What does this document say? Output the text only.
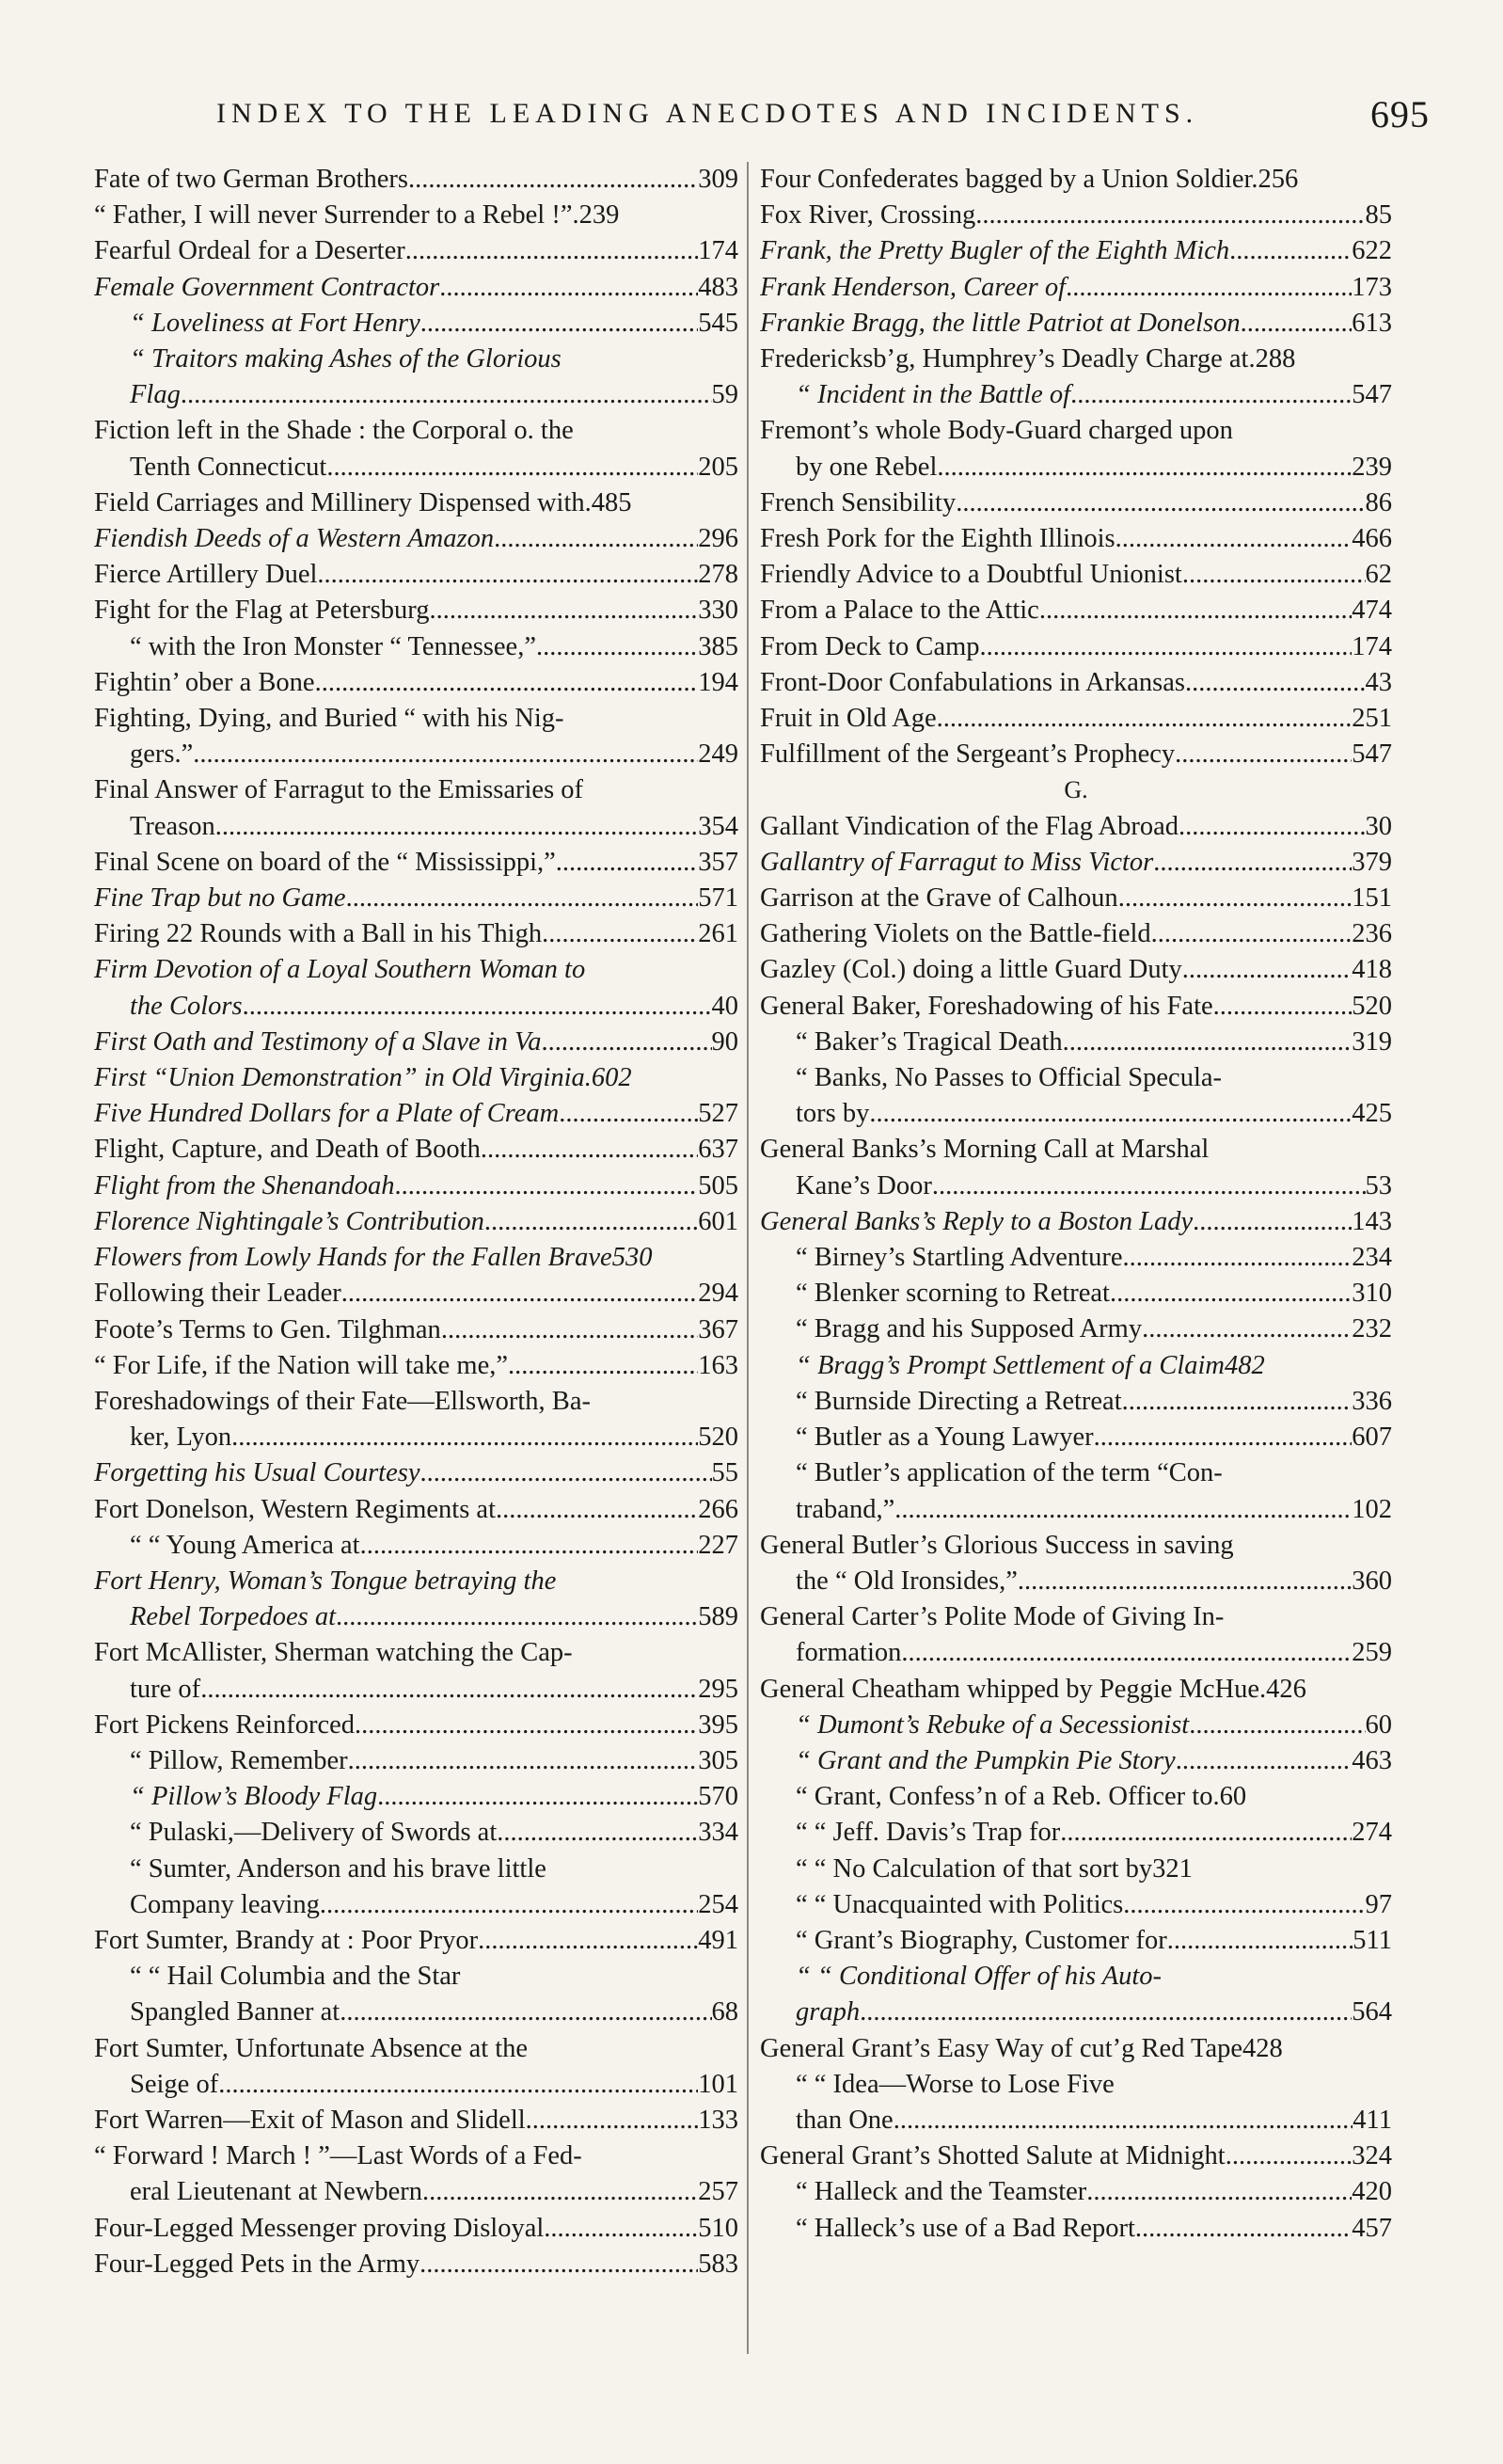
INDEX TO THE LEADING ANECDOTES AND INCIDENTS.	695
Fate of two German Brothers .....	309
“ Father, I will never Surrender to a Rebel !”.239
Fearful Ordeal for a Deserter .....	174
Female Government Contractor .....	483
“ Loveliness at Fort Henry .....	545
“ Traitors making Ashes of the Glorious
Flag .....	59
Fiction left in the Shade : the Corporal o. the
Tenth Connecticut .....	205
Field Carriages and Millinery Dispensed with.485
Fiendish Deeds of a Western Amazon .....	296
Fierce Artillery Duel .....	278
Fight for the Flag at Petersburg .....	330
“ with the Iron Monster “ Tennessee,” .....	385
Fightin’ ober a Bone .....	194
Fighting, Dying, and Buried “ with his Nig-
gers.” .....	249
Final Answer of Farragut to the Emissaries of
Treason .....	354
Final Scene on board of the “ Mississippi,” .....	357
Fine Trap but no Game .....	571
Firing 22 Rounds with a Ball in his Thigh .....	261
Firm Devotion of a Loyal Southern Woman to
the Colors .....	40
First Oath and Testimony of a Slave in Va .....	90
First “Union Demonstration” in Old Virginia.602
Five Hundred Dollars for a Plate of Cream .....	527
Flight, Capture, and Death of Booth .....	637
Flight from the Shenandoah .....	505
Florence Nightingale’s Contribution .....	601
Flowers from Lowly Hands for the Fallen Brave530
Following their Leader .....	294
Foote’s Terms to Gen. Tilghman .....	367
“ For Life, if the Nation will take me,” .....	163
Foreshadowings of their Fate—Ellsworth, Ba-
ker, Lyon .....	520
Forgetting his Usual Courtesy .....	55
Fort Donelson, Western Regiments at .....	266
“ “ Young America at .....	227
Fort Henry, Woman’s Tongue betraying the
Rebel Torpedoes at .....	589
Fort McAllister, Sherman watching the Cap-
ture of .....	295
Fort Pickens Reinforced .....	395
“ Pillow, Remember .....	305
“ Pillow’s Bloody Flag .....	570
“ Pulaski,—Delivery of Swords at .....	334
“ Sumter, Anderson and his brave little
Company leaving .....	254
Fort Sumter, Brandy at : Poor Pryor .....	491
“ “ Hail Columbia and the Star
Spangled Banner at .....	68
Fort Sumter, Unfortunate Absence at the
Seige of .....	101
Fort Warren—Exit of Mason and Slidell .....	133
“ Forward ! March ! ”—Last Words of a Fed-
eral Lieutenant at Newbern .....	257
Four-Legged Messenger proving Disloyal .....	510
Four-Legged Pets in the Army .....	583
Four Confederates bagged by a Union Soldier.256
Fox River, Crossing .....	85
Frank, the Pretty Bugler of the Eighth Mich .....	622
Frank Henderson, Career of .....	173
Frankie Bragg, the little Patriot at Donelson .....	613
Fredericksb’g, Humphrey’s Deadly Charge at.288
“ Incident in the Battle of .....	547
Fremont’s whole Body-Guard charged upon
by one Rebel .....	239
French Sensibility .....	86
Fresh Pork for the Eighth Illinois .....	466
Friendly Advice to a Doubtful Unionist .....	62
From a Palace to the Attic .....	474
From Deck to Camp .....	174
Front-Door Confabulations in Arkansas .....	43
Fruit in Old Age .....	251
Fulfillment of the Sergeant’s Prophecy .....	547
G.
Gallant Vindication of the Flag Abroad .....	30
Gallantry of Farragut to Miss Victor .....	379
Garrison at the Grave of Calhoun .....	151
Gathering Violets on the Battle-field .....	236
Gazley (Col.) doing a little Guard Duty .....	418
General Baker, Foreshadowing of his Fate .....	520
“ Baker’s Tragical Death .....	319
“ Banks, No Passes to Official Specula-
tors by .....	425
General Banks’s Morning Call at Marshal
Kane’s Door .....	53
General Banks’s Reply to a Boston Lady .....	143
“ Birney’s Startling Adventure .....	234
“ Blenker scorning to Retreat .....	310
“ Bragg and his Supposed Army .....	232
“ Bragg’s Prompt Settlement of a Claim482
“ Burnside Directing a Retreat .....	336
“ Butler as a Young Lawyer .....	607
“ Butler’s application of the term “Con-
traband,” .....	102
General Butler’s Glorious Success in saving
the “ Old Ironsides,” .....	360
General Carter’s Polite Mode of Giving In-
formation .....	259
General Cheatham whipped by Peggie McHue.426
“ Dumont’s Rebuke of a Secessionist .....	60
“ Grant and the Pumpkin Pie Story .....	463
“ Grant, Confess’n of a Reb. Officer to.60
“ “ Jeff. Davis’s Trap for .....	274
“ “ No Calculation of that sort by321
“ “ Unacquainted with Politics .....	97
“ Grant’s Biography, Customer for .....	511
“ “ Conditional Offer of his Auto-
graph .....	564
General Grant’s Easy Way of cut’g Red Tape428
“ “ Idea—Worse to Lose Five
than One .....	411
General Grant’s Shotted Salute at Midnight .....	324
“ Halleck and the Teamster .....	420
“ Halleck’s use of a Bad Report .....	457
